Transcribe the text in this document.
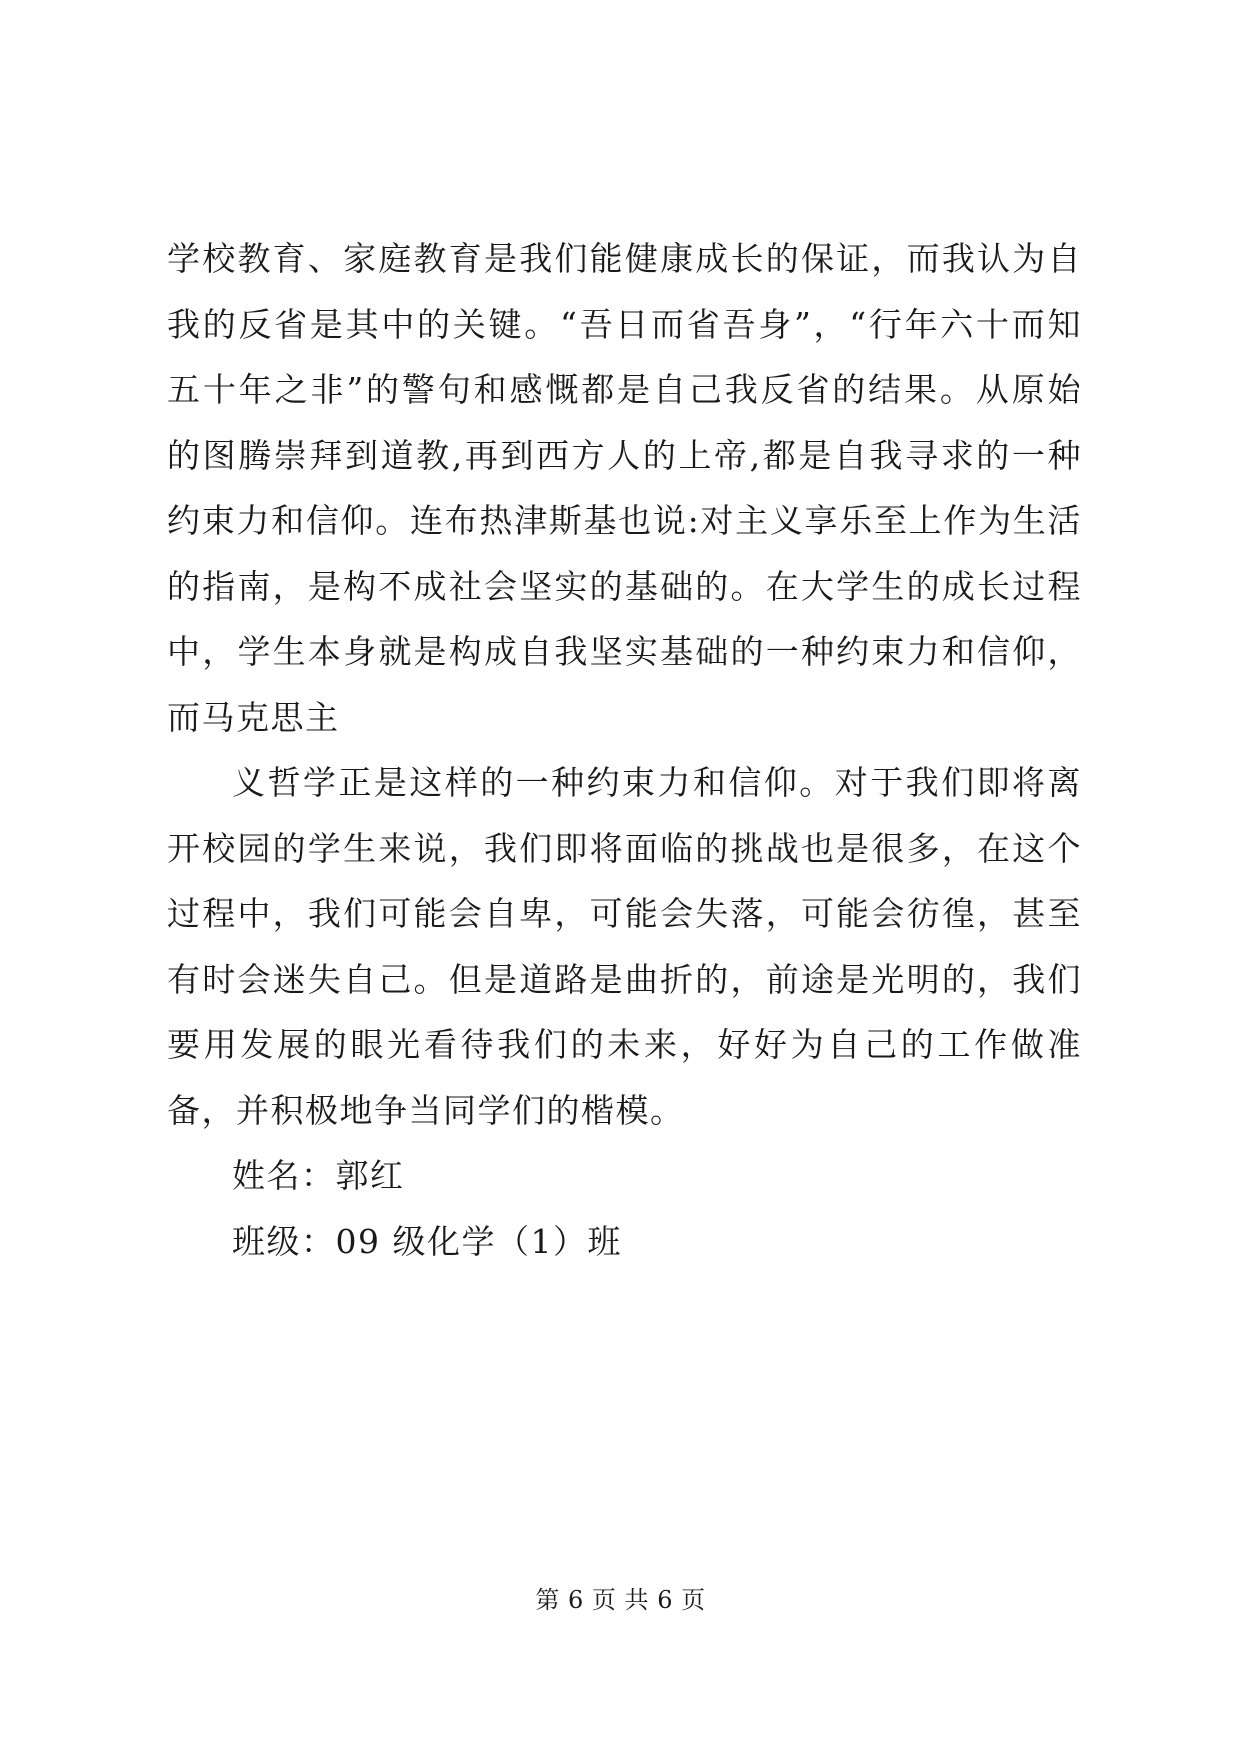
学校教育、家庭教育是我们能健康成长的保证，而我认为自我的反省是其中的关键。“吾日而省吾身”，“行年六十而知五十年之非”的警句和感慨都是自己我反省的结果。从原始的图腾崇拜到道教,再到西方人的上帝,都是自我寻求的一种约束力和信仰。连布热津斯基也说:对主义享乐至上作为生活的指南，是构不成社会坚实的基础的。在大学生的成长过程中，学生本身就是构成自我坚实基础的一种约束力和信仰，而马克思主

义哲学正是这样的一种约束力和信仰。对于我们即将离开校园的学生来说，我们即将面临的挑战也是很多，在这个过程中，我们可能会自卑，可能会失落，可能会彷徨，甚至有时会迷失自己。但是道路是曲折的，前途是光明的，我们要用发展的眼光看待我们的未来，好好为自己的工作做准备，并积极地争当同学们的楷模。

姓名：郭红

班级：09 级化学（1）班

第 6 页 共 6 页
